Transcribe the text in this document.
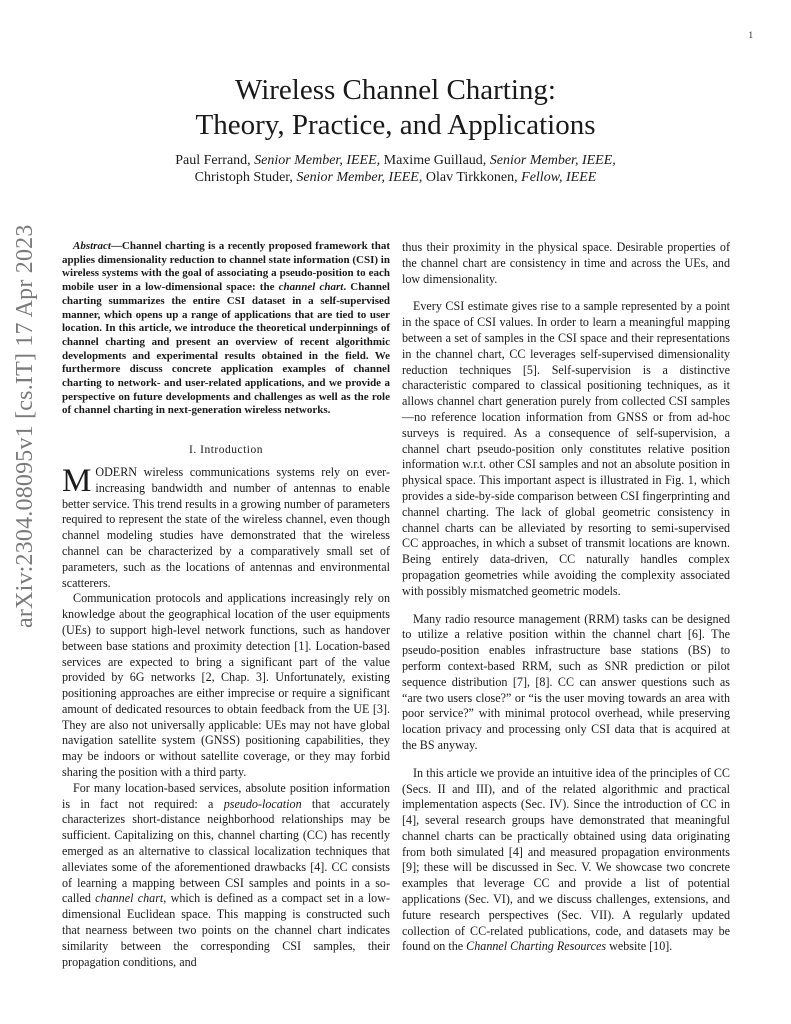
1
arXiv:2304.08095v1 [cs.IT] 17 Apr 2023
Wireless Channel Charting:
Theory, Practice, and Applications
Paul Ferrand, Senior Member, IEEE, Maxime Guillaud, Senior Member, IEEE,
Christoph Studer, Senior Member, IEEE, Olav Tirkkonen, Fellow, IEEE

Abstract—Channel charting is a recently proposed framework that applies dimensionality reduction to channel state information (CSI) in wireless systems with the goal of associating a pseudo-position to each mobile user in a low-dimensional space: the channel chart. Channel charting summarizes the entire CSI dataset in a self-supervised manner, which opens up a range of applications that are tied to user location. In this article, we introduce the theoretical underpinnings of channel charting and present an overview of recent algorithmic developments and experimental results obtained in the field. We furthermore discuss concrete application examples of channel charting to network- and user-related applications, and we provide a perspective on future developments and challenges as well as the role of channel charting in next-generation wireless networks.

I. Introduction

MODERN wireless communications systems rely on ever-increasing bandwidth and number of antennas to enable better service. This trend results in a growing number of parameters required to represent the state of the wireless channel, even though channel modeling studies have demonstrated that the wireless channel can be characterized by a comparatively small set of parameters, such as the locations of antennas and environmental scatterers.

Communication protocols and applications increasingly rely on knowledge about the geographical location of the user equipments (UEs) to support high-level network functions, such as handover between base stations and proximity detection [1]. Location-based services are expected to bring a significant part of the value provided by 6G networks [2, Chap. 3]. Unfortunately, existing positioning approaches are either imprecise or require a significant amount of dedicated resources to obtain feedback from the UE [3]. They are also not universally applicable: UEs may not have global navigation satellite system (GNSS) positioning capabilities, they may be indoors or without satellite coverage, or they may forbid sharing the position with a third party.

For many location-based services, absolute position information is in fact not required: a pseudo-location that accurately characterizes short-distance neighborhood relationships may be sufficient. Capitalizing on this, channel charting (CC) has recently emerged as an alternative to classical localization techniques that alleviates some of the aforementioned drawbacks [4]. CC consists of learning a mapping between CSI samples and points in a so-called channel chart, which is defined as a compact set in a low-dimensional Euclidean space. This mapping is constructed such that nearness between two points on the channel chart indicates similarity between the corresponding CSI samples, their propagation conditions, and

thus their proximity in the physical space. Desirable properties of the channel chart are consistency in time and across the UEs, and low dimensionality.

Every CSI estimate gives rise to a sample represented by a point in the space of CSI values. In order to learn a meaningful mapping between a set of samples in the CSI space and their representations in the channel chart, CC leverages self-supervised dimensionality reduction techniques [5]. Self-supervision is a distinctive characteristic compared to classical positioning techniques, as it allows channel chart generation purely from collected CSI samples—no reference location information from GNSS or from ad-hoc surveys is required. As a consequence of self-supervision, a channel chart pseudo-position only constitutes relative position information w.r.t. other CSI samples and not an absolute position in physical space. This important aspect is illustrated in Fig. 1, which provides a side-by-side comparison between CSI fingerprinting and channel charting. The lack of global geometric consistency in channel charts can be alleviated by resorting to semi-supervised CC approaches, in which a subset of transmit locations are known. Being entirely data-driven, CC naturally handles complex propagation geometries while avoiding the complexity associated with possibly mismatched geometric models.

Many radio resource management (RRM) tasks can be designed to utilize a relative position within the channel chart [6]. The pseudo-position enables infrastructure base stations (BS) to perform context-based RRM, such as SNR prediction or pilot sequence distribution [7], [8]. CC can answer questions such as “are two users close?” or “is the user moving towards an area with poor service?” with minimal protocol overhead, while preserving location privacy and processing only CSI data that is acquired at the BS anyway.

In this article we provide an intuitive idea of the principles of CC (Secs. II and III), and of the related algorithmic and practical implementation aspects (Sec. IV). Since the introduction of CC in [4], several research groups have demonstrated that meaningful channel charts can be practically obtained using data originating from both simulated [4] and measured propagation environments [9]; these will be discussed in Sec. V. We showcase two concrete examples that leverage CC and provide a list of potential applications (Sec. VI), and we discuss challenges, extensions, and future research perspectives (Sec. VII). A regularly updated collection of CC-related publications, code, and datasets may be found on the Channel Charting Resources website [10].
